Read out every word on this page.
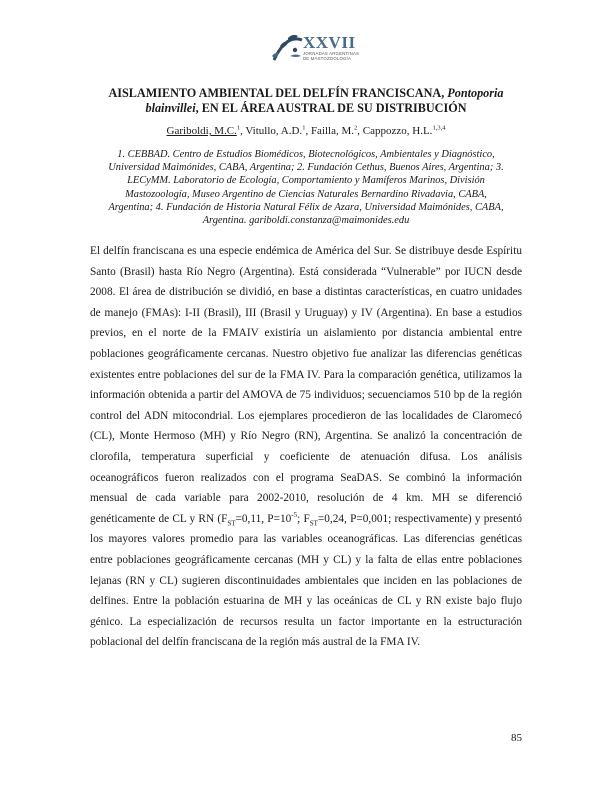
XXVII
JORNADAS ARGENTINAS
DE MASTOZOOLOGÍA
AISLAMIENTO AMBIENTAL DEL DELFÍN FRANCISCANA, Pontoporia blainvillei, EN EL ÁREA AUSTRAL DE SU DISTRIBUCIÓN
Gariboldi, M.C.$^1$, Vitullo, A.D.$^1$, Failla, M.$^2$, Cappozzo, H.L.$^{1,3,4}$

1. CEBBAD. Centro de Estudios Biomédicos, Biotecnológicos, Ambientales y Diagnóstico, Universidad Maimónides, CABA, Argentina; 2. Fundación Cethus, Buenos Aires, Argentina; 3. LECyMM. Laboratorio de Ecología, Comportamiento y Mamíferos Marinos, División Mastozoología, Museo Argentino de Ciencias Naturales Bernardino Rivadavia, CABA, Argentina; 4. Fundación de Historia Natural Félix de Azara, Universidad Maimónides, CABA, Argentina. gariboldi.constanza@maimonides.edu

El delfín franciscana es una especie endémica de América del Sur. Se distribuye desde Espíritu Santo (Brasil) hasta Río Negro (Argentina). Está considerada “Vulnerable” por IUCN desde 2008. El área de distribución se dividió, en base a distintas características, en cuatro unidades de manejo (FMAs): I-II (Brasil), III (Brasil y Uruguay) y IV (Argentina). En base a estudios previos, en el norte de la FMAIV existiría un aislamiento por distancia ambiental entre poblaciones geográficamente cercanas. Nuestro objetivo fue analizar las diferencias genéticas existentes entre poblaciones del sur de la FMA IV. Para la comparación genética, utilizamos la información obtenida a partir del AMOVA de 75 individuos; secuenciamos 510 bp de la región control del ADN mitocondrial. Los ejemplares procedieron de las localidades de Claromecó (CL), Monte Hermoso (MH) y Río Negro (RN), Argentina. Se analizó la concentración de clorofila, temperatura superficial y coeficiente de atenuación difusa. Los análisis oceanográficos fueron realizados con el programa SeaDAS. Se combinó la información mensual de cada variable para 2002-2010, resolución de 4 km. MH se diferenció genéticamente de CL y RN ($F_{ST}=0,11$, $P=10^{-5}$; $F_{ST}=0,24$, P=0,001; respectivamente) y presentó los mayores valores promedio para las variables oceanográficas. Las diferencias genéticas entre poblaciones geográficamente cercanas (MH y CL) y la falta de ellas entre poblaciones lejanas (RN y CL) sugieren discontinuidades ambientales que inciden en las poblaciones de delfines. Entre la población estuarina de MH y las oceánicas de CL y RN existe bajo flujo génico. La especialización de recursos resulta un factor importante en la estructuración poblacional del delfín franciscana de la región más austral de la FMA IV.

85
